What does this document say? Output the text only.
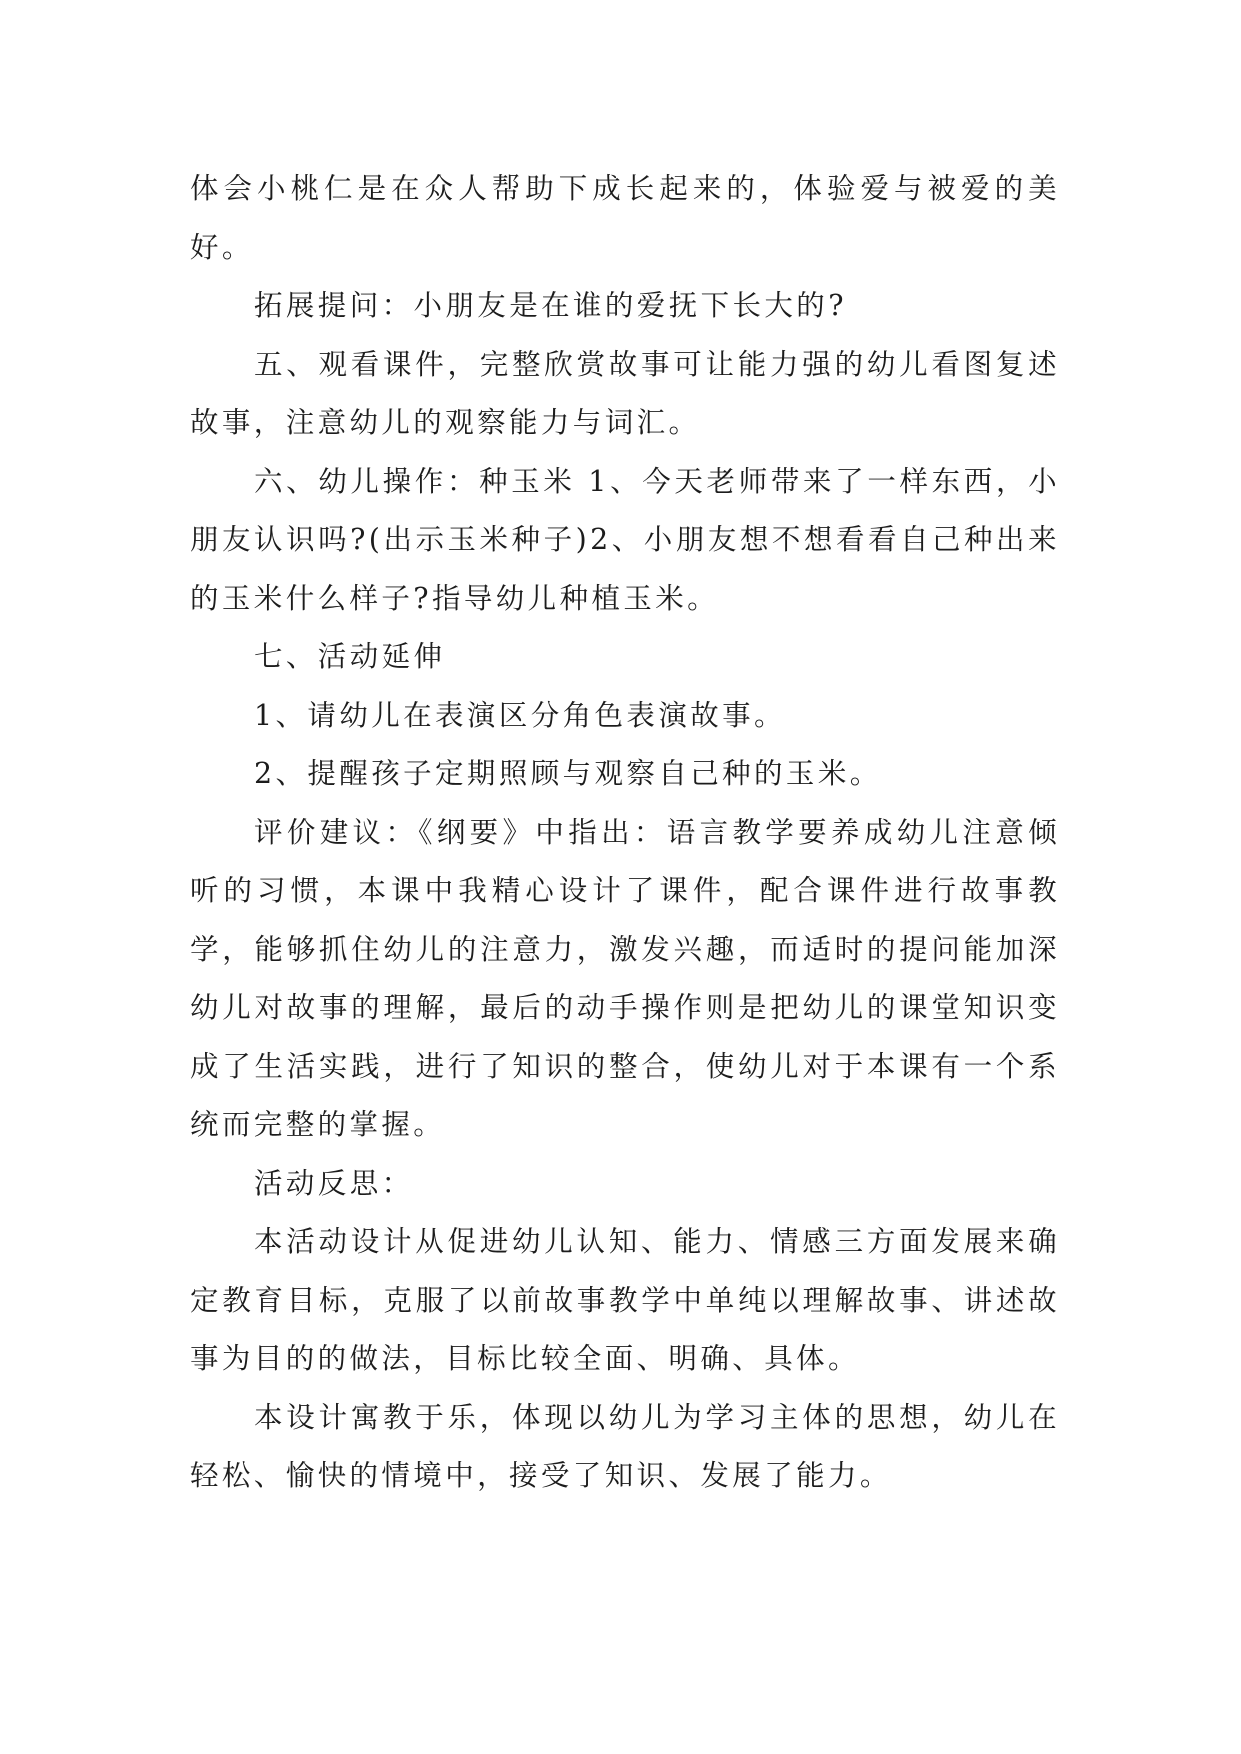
体会小桃仁是在众人帮助下成长起来的，体验爱与被爱的美好。

拓展提问：小朋友是在谁的爱抚下长大的?

五、观看课件，完整欣赏故事可让能力强的幼儿看图复述故事，注意幼儿的观察能力与词汇。

六、幼儿操作：种玉米 1、今天老师带来了一样东西，小朋友认识吗?(出示玉米种子)2、小朋友想不想看看自己种出来的玉米什么样子?指导幼儿种植玉米。

七、活动延伸

1、请幼儿在表演区分角色表演故事。

2、提醒孩子定期照顾与观察自己种的玉米。

评价建议：《纲要》中指出：语言教学要养成幼儿注意倾听的习惯，本课中我精心设计了课件，配合课件进行故事教学，能够抓住幼儿的注意力，激发兴趣，而适时的提问能加深幼儿对故事的理解，最后的动手操作则是把幼儿的课堂知识变成了生活实践，进行了知识的整合，使幼儿对于本课有一个系统而完整的掌握。

活动反思：

本活动设计从促进幼儿认知、能力、情感三方面发展来确定教育目标，克服了以前故事教学中单纯以理解故事、讲述故事为目的的做法，目标比较全面、明确、具体。

本设计寓教于乐，体现以幼儿为学习主体的思想，幼儿在轻松、愉快的情境中，接受了知识、发展了能力。
